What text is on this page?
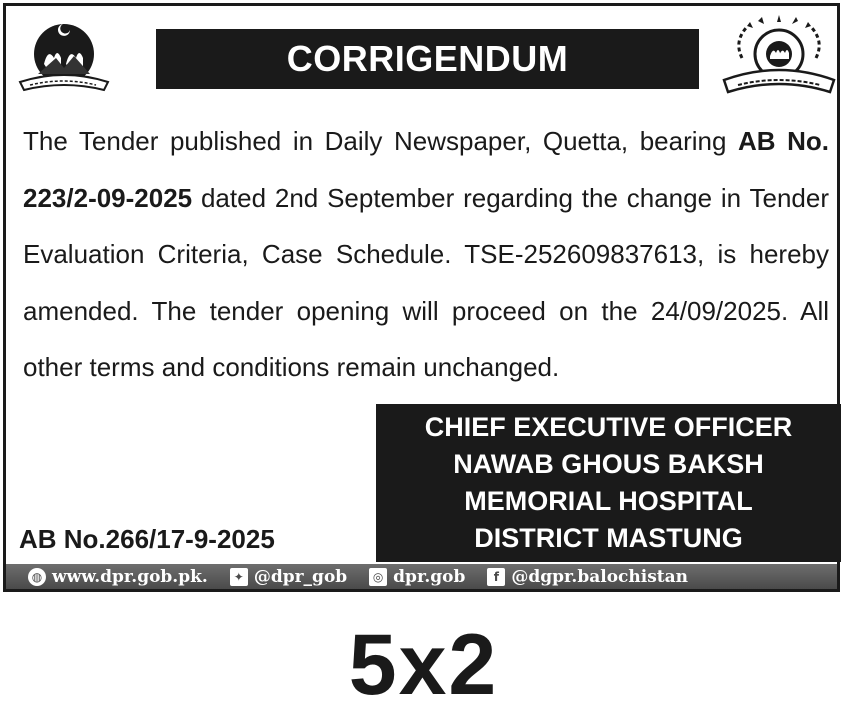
CORRIGENDUM

The Tender published in Daily Newspaper, Quetta, bearing AB No. 223/2-09-2025 dated 2nd September regarding the change in Tender Evaluation Criteria, Case Schedule. TSE-252609837613, is hereby amended. The tender opening will proceed on the 24/09/2025. All other terms and conditions remain unchanged.

CHIEF EXECUTIVE OFFICER
NAWAB GHOUS BAKSH
MEMORIAL HOSPITAL
DISTRICT MASTUNG
AB No.266/17-9-2025
◍ www.dpr.gob.pk.	✦ @dpr_gob	◎ dpr.gob	f @dgpr.balochistan
5x2
